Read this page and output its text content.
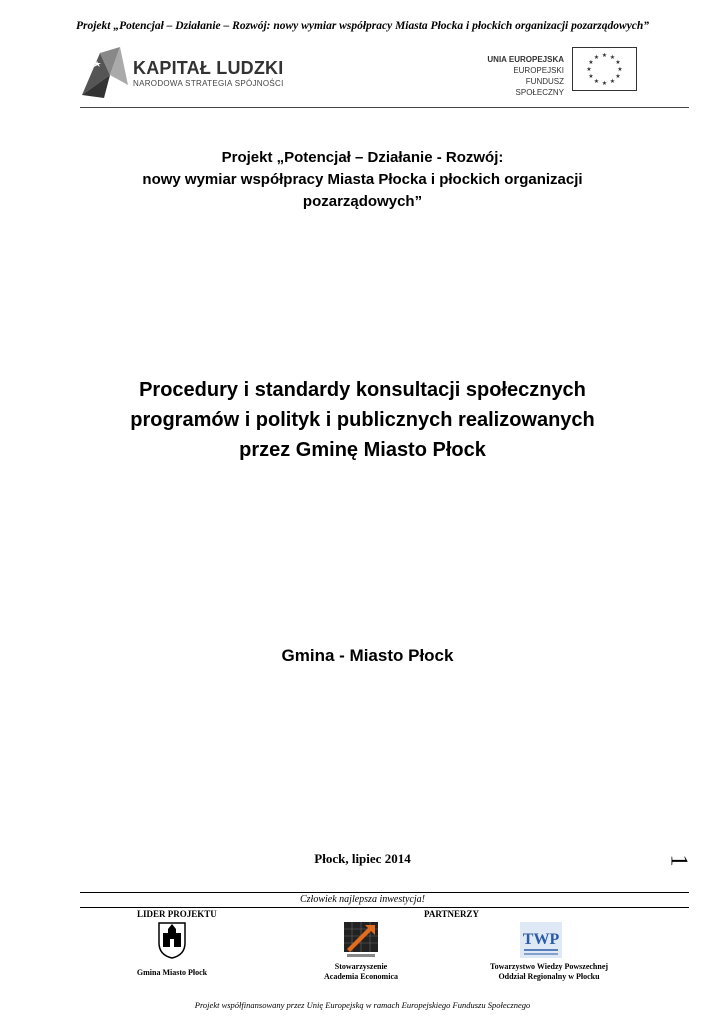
Projekt „Potencjał – Działanie – Rozwój: nowy wymiar współpracy Miasta Płocka i płockich organizacji pozarządowych”
KAPITAŁ LUDZKI
NARODOWA STRATEGIA SPÓJNOŚCI
UNIA EUROPEJSKA
EUROPEJSKI
FUNDUSZ SPOŁECZNY
★ ★
★
★
★
★
★
★
★
★
★
★
Projekt „Potencjał – Działanie - Rozwój:
nowy wymiar współpracy Miasta Płocka i płockich organizacji
pozarządowych”
Procedury i standardy konsultacji społecznych
programów i polityk i publicznych realizowanych
przez Gminę Miasto Płock
Gmina - Miasto Płock
Płock, lipiec 2014	1
Człowiek najlepsza inwestycja!
LIDER PROJEKTU	PARTNERZY
Gmina Miasto Płock
Stowarzyszenie
Academia Economica
TWP
Towarzystwo Wiedzy Powszechnej
Oddział Regionalny w Płocku
Projekt współfinansowany przez Unię Europejską w ramach Europejskiego Funduszu Społecznego
